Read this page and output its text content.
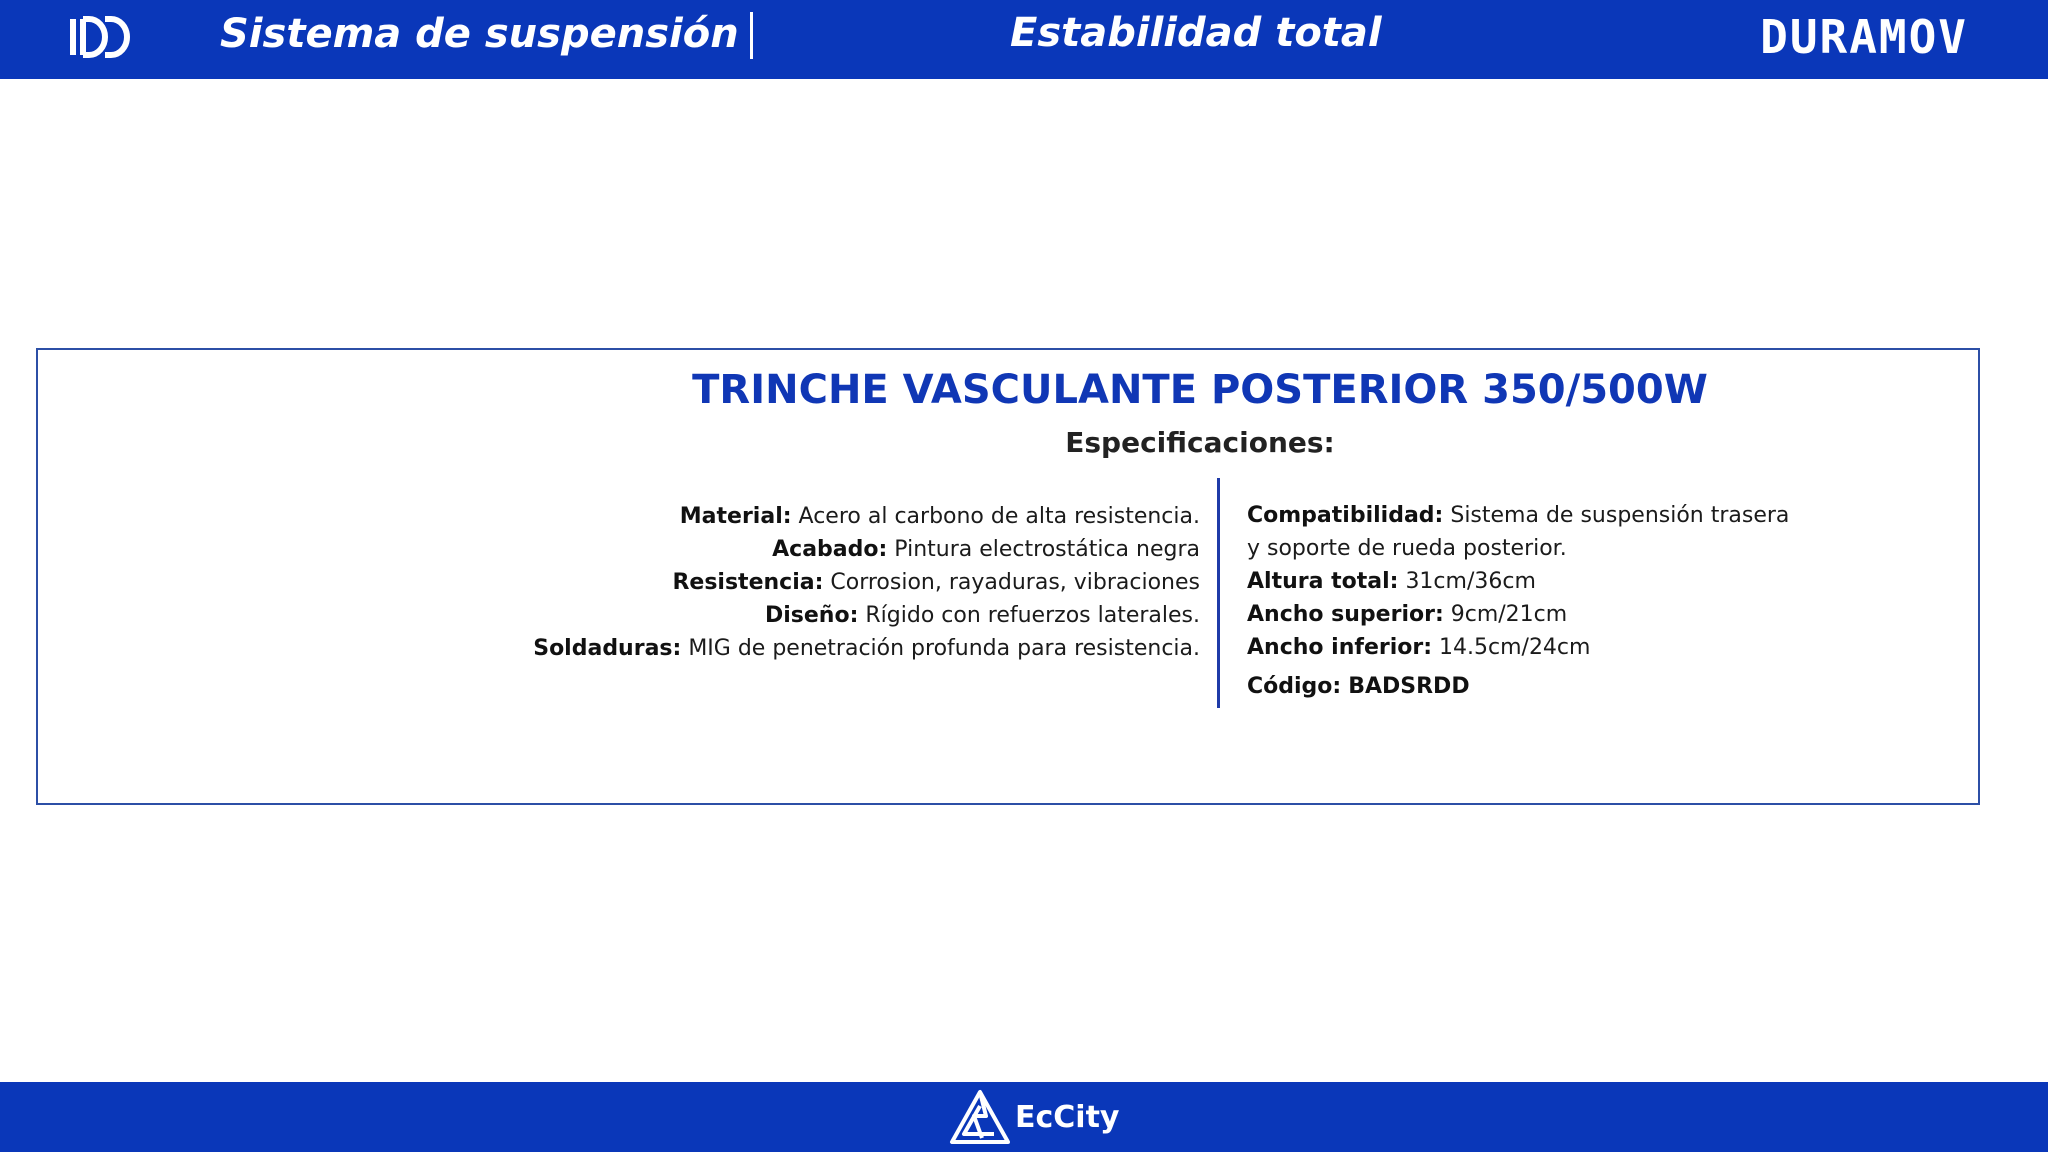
Sistema de suspensión	Estabilidad total	DURAMOV
TRINCHE VASCULANTE POSTERIOR 350/500W
Especificaciones:
Material: Acero al carbono de alta resistencia.
Acabado: Pintura electrostática negra
Resistencia: Corrosion, rayaduras, vibraciones
Diseño: Rígido con refuerzos laterales.
Soldaduras: MIG de penetración profunda para resistencia.
Compatibilidad: Sistema de suspensión trasera
y soporte de rueda posterior.
Altura total: 31cm/36cm
Ancho superior: 9cm/21cm
Ancho inferior: 14.5cm/24cm
Código: BADSRDD
EcCity
